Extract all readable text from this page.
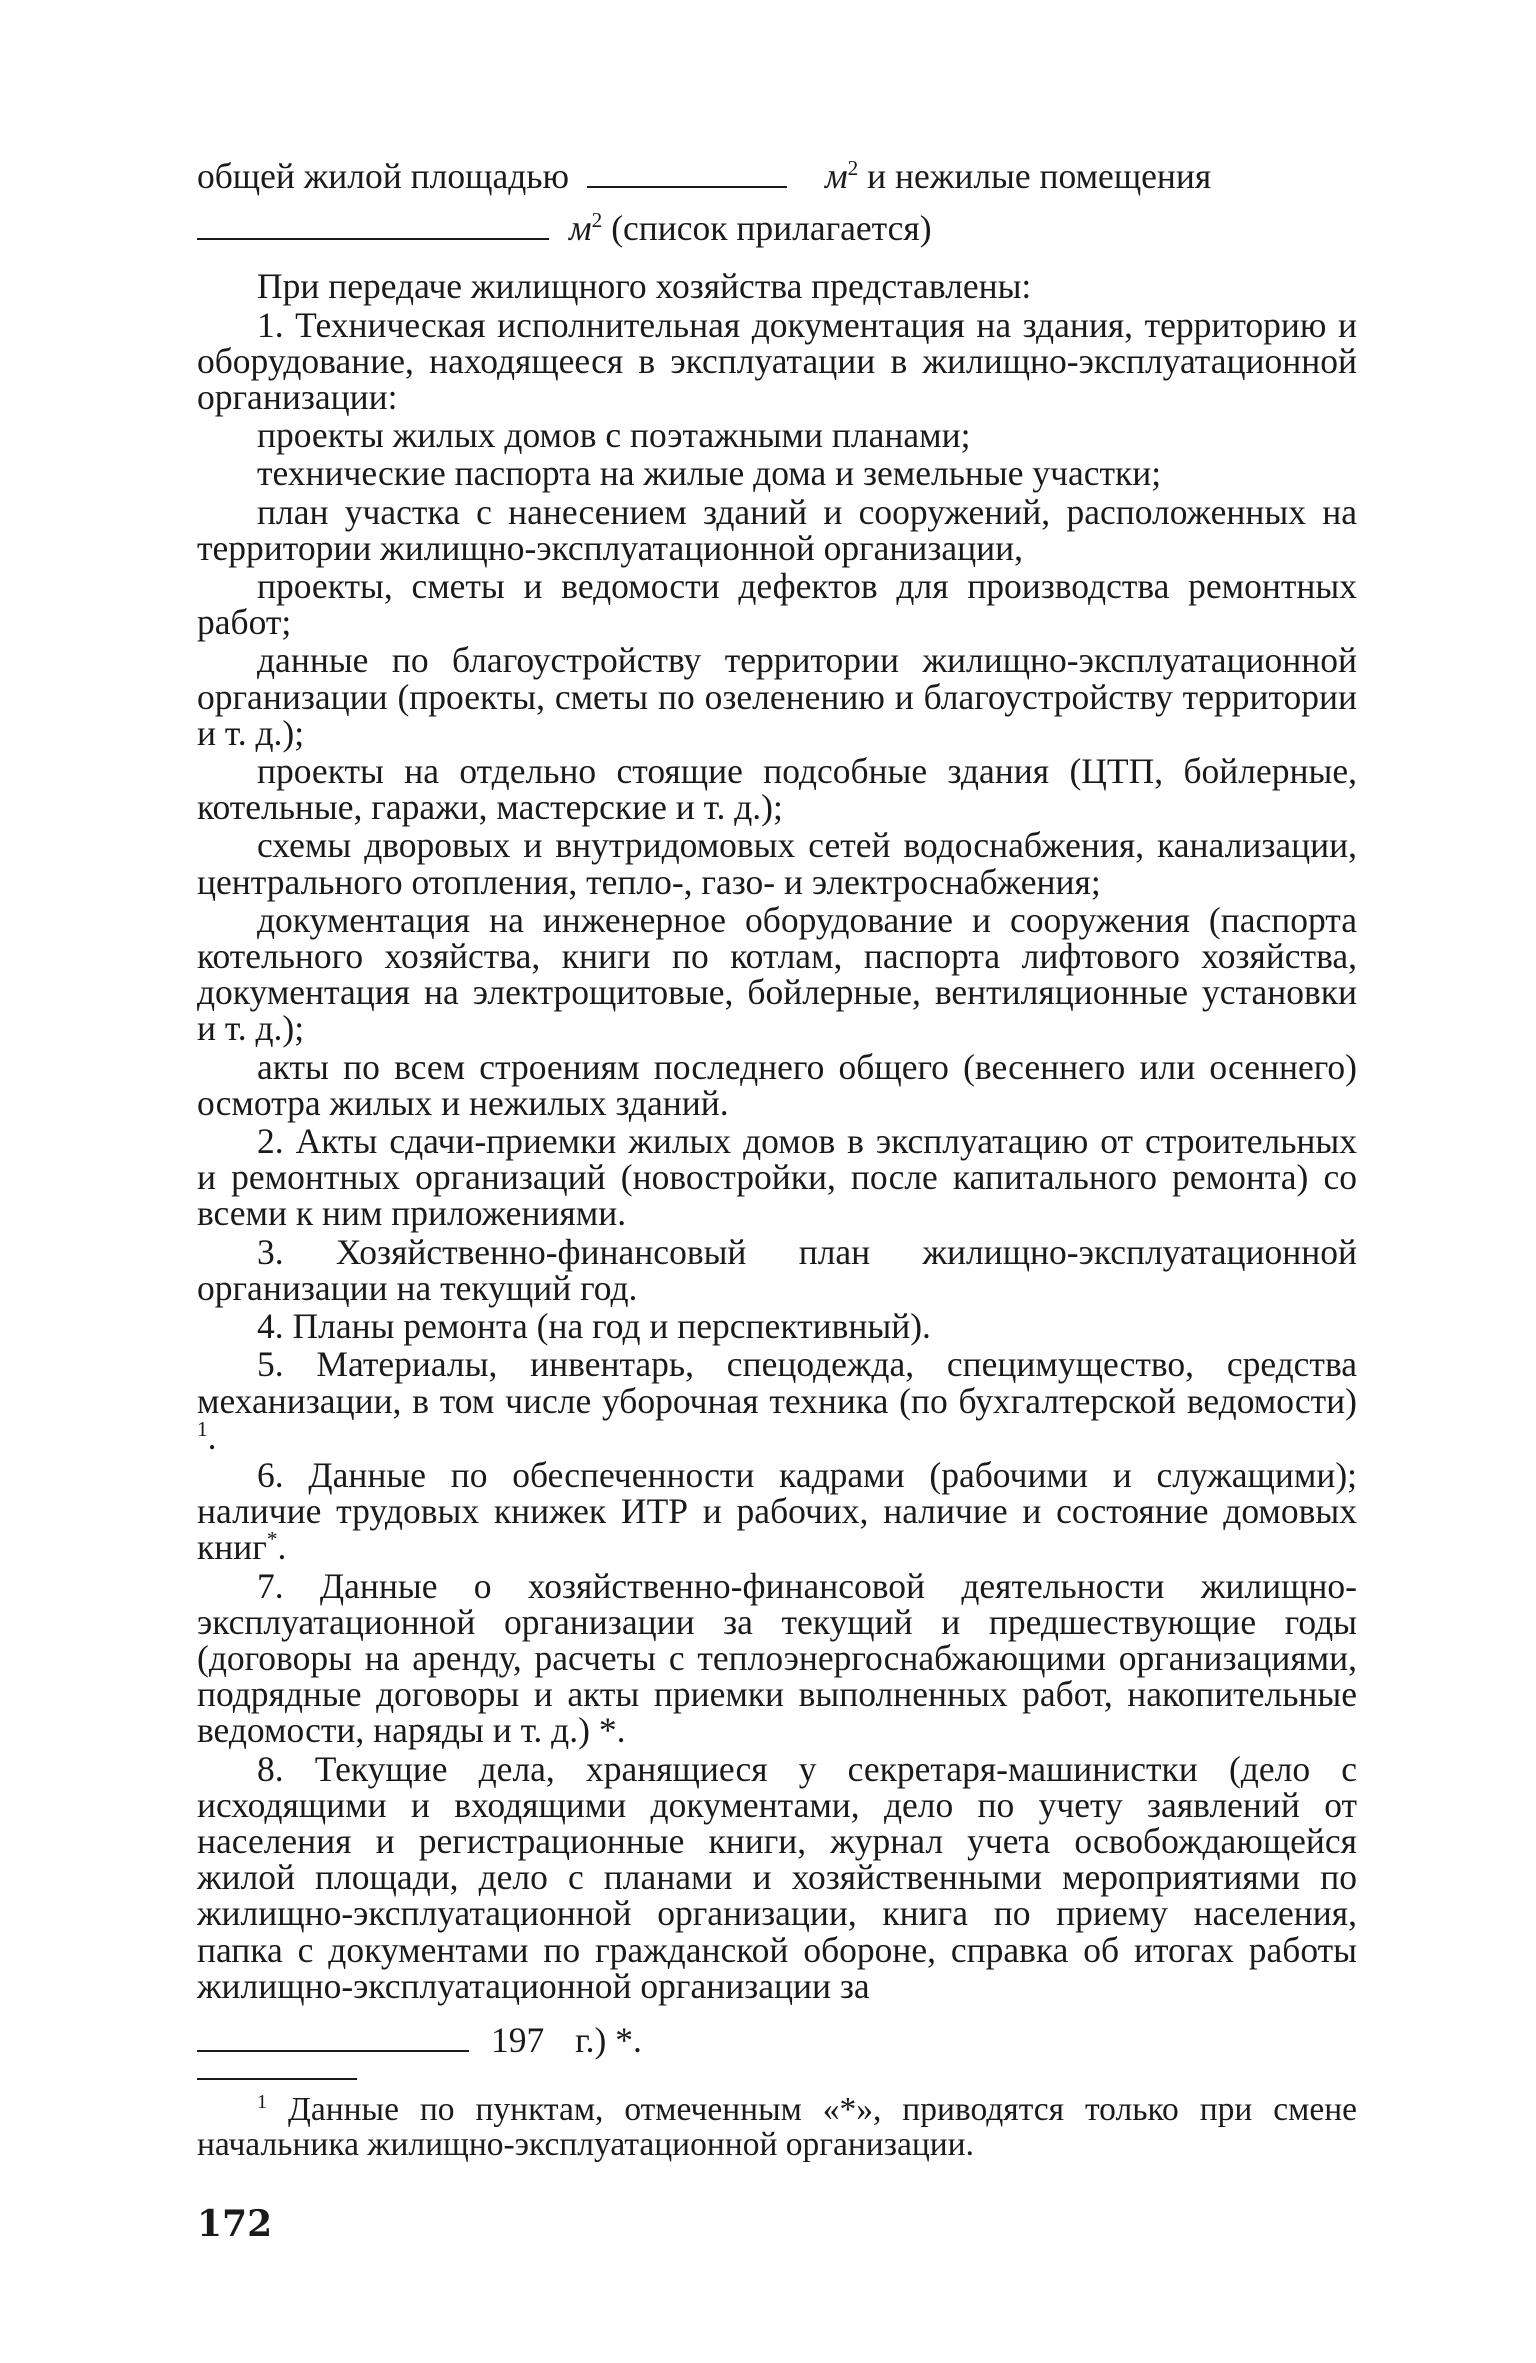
общей жилой площадью	$м^2$ и нежилые помещения
$м^2$ (список прилагается)

При передаче жилищного хозяйства представлены:

1. Техническая исполнительная документация на здания, территорию и оборудование, находящееся в эксплуатации в жилищно-эксплуатационной организации:

проекты жилых домов с поэтажными планами;

технические паспорта на жилые дома и земельные участки;

план участка с нанесением зданий и сооружений, расположенных на территории жилищно-эксплуатационной организации,

проекты, сметы и ведомости дефектов для производства ремонтных работ;

данные по благоустройству территории жилищно-эксплуатационной организации (проекты, сметы по озеленению и благоустройству территории и т. д.);

проекты на отдельно стоящие подсобные здания (ЦТП, бойлерные, котельные, гаражи, мастерские и т. д.);

схемы дворовых и внутридомовых сетей водоснабжения, канализации, центрального отопления, тепло-, газо- и электроснабжения;

документация на инженерное оборудование и сооружения (паспорта котельного хозяйства, книги по котлам, паспорта лифтового хозяйства, документация на электрощитовые, бойлерные, вентиляционные установки и т. д.);

акты по всем строениям последнего общего (весеннего или осеннего) осмотра жилых и нежилых зданий.

2. Акты сдачи-приемки жилых домов в эксплуатацию от строительных и ремонтных организаций (новостройки, после капитального ремонта) со всеми к ним приложениями.

3. Хозяйственно-финансовый план жилищно-эксплуатационной организации на текущий год.

4. Планы ремонта (на год и перспективный).

5. Материалы, инвентарь, спецодежда, специмущество, средства механизации, в том числе уборочная техника (по бухгалтерской ведомости) $^1$.

6. Данные по обеспеченности кадрами (рабочими и служащими); наличие трудовых книжек ИТР и рабочих, наличие и состояние домовых книг*.

7. Данные о хозяйственно-финансовой деятельности жилищно-эксплуатационной организации за текущий и предшествующие годы (договоры на аренду, расчеты с теплоэнергоснабжающими организациями, подрядные договоры и акты приемки выполненных работ, накопительные ведомости, наряды и т. д.) *.

8. Текущие дела, хранящиеся у секретаря-машинистки (дело с исходящими и входящими документами, дело по учету заявлений от населения и регистрационные книги, журнал учета освобождающейся жилой площади, дело с планами и хозяйственными мероприятиями по жилищно-эксплуатационной организации, книга по приему населения, папка с документами по гражданской обороне, справка об итогах работы жилищно-эксплуатационной организации за

197 г.) *.

$^1$ Данные по пунктам, отмеченным «*», приводятся только при смене начальника жилищно-эксплуатационной организации.

172
